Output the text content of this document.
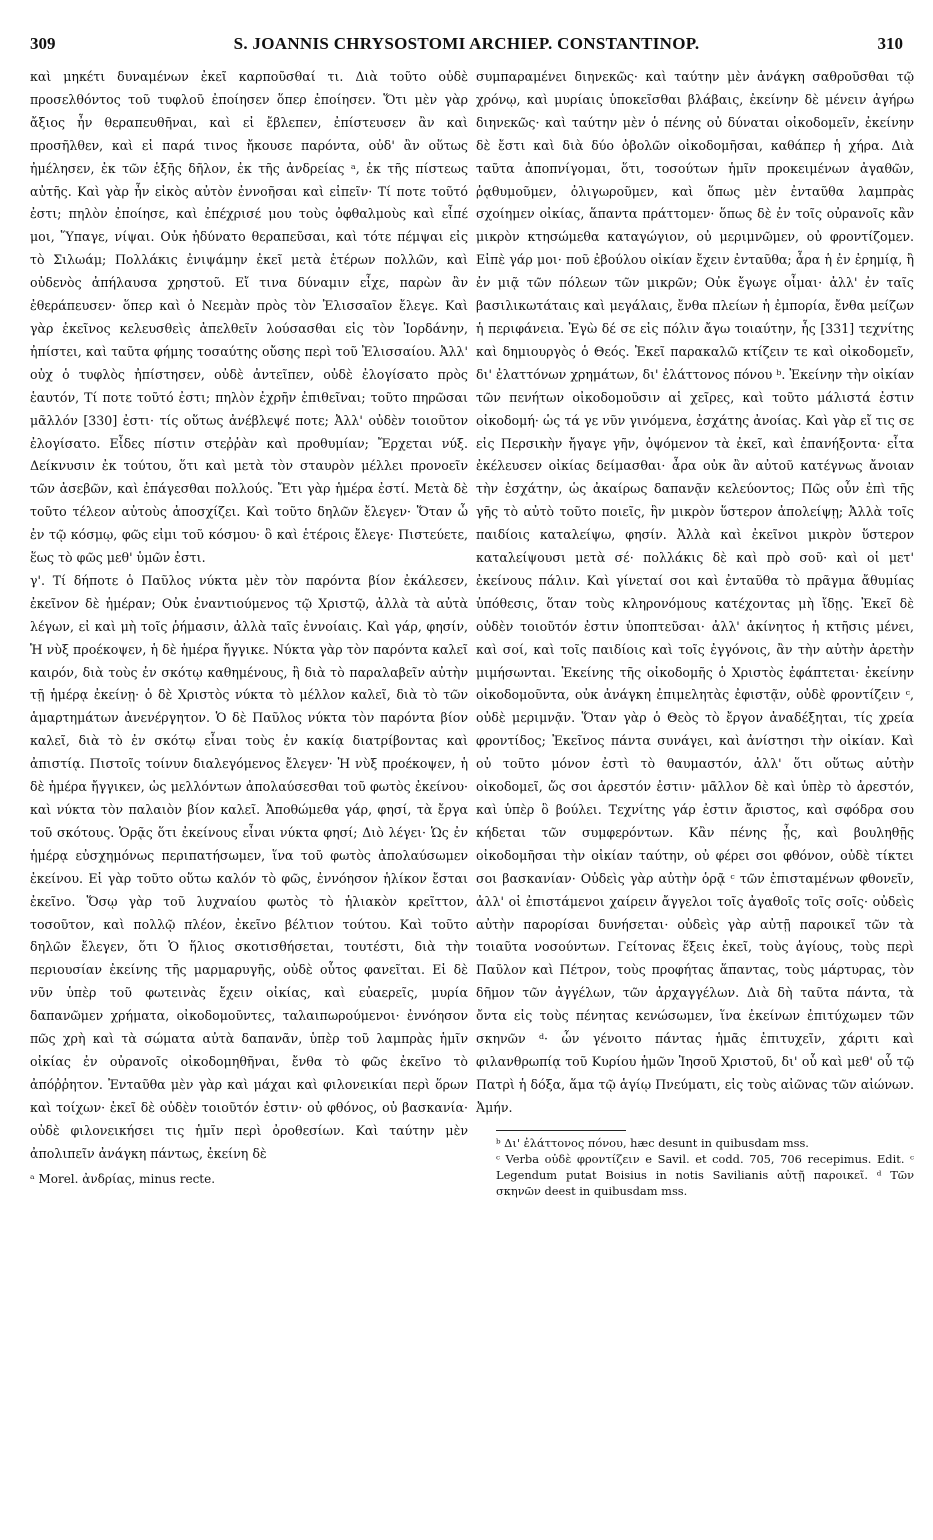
309	S. JOANNIS CHRYSOSTOMI ARCHIEP. CONSTANTINOP.	310

καὶ μηκέτι δυναμένων ἐκεῖ καρποῦσθαί τι. Διὰ τοῦτο οὐδὲ προσελθόντος τοῦ τυφλοῦ ἐποίησεν ὅπερ ἐποίησεν. Ὅτι μὲν γὰρ ἄξιος ἦν θεραπευθῆναι, καὶ εἰ ἔβλεπεν, ἐπίστευσεν ἂν καὶ προσῆλθεν, καὶ εἰ παρά τινος ἤκουσε παρόντα, οὐδ' ἂν οὕτως ἠμέλησεν, ἐκ τῶν ἑξῆς δῆλον, ἐκ τῆς ἀνδρείας ᵃ, ἐκ τῆς πίστεως αὐτῆς. Καὶ γὰρ ἦν εἰκὸς αὐτὸν ἐννοῆσαι καὶ εἰπεῖν· Τί ποτε τοῦτό ἐστι; πηλὸν ἐποίησε, καὶ ἐπέχρισέ μου τοὺς ὀφθαλμοὺς καὶ εἶπέ μοι, Ὕπαγε, νίψαι. Οὐκ ἠδύνατο θεραπεῦσαι, καὶ τότε πέμψαι εἰς τὸ Σιλωάμ; Πολλάκις ἐνιψάμην ἐκεῖ μετὰ ἑτέρων πολλῶν, καὶ οὐδενὸς ἀπήλαυσα χρηστοῦ. Εἴ τινα δύναμιν εἶχε, παρὼν ἂν ἐθεράπευσεν· ὅπερ καὶ ὁ Νεεμὰν πρὸς τὸν Ἐλισσαῖον ἔλεγε. Καὶ γὰρ ἐκεῖνος κελευσθεὶς ἀπελθεῖν λούσασθαι εἰς τὸν Ἰορδάνην, ἠπίστει, καὶ ταῦτα φήμης τοσαύτης οὔσης περὶ τοῦ Ἐλισσαίου. Ἀλλ' οὐχ ὁ τυφλὸς ἠπίστησεν, οὐδὲ ἀντεῖπεν, οὐδὲ ἐλογίσατο πρὸς ἑαυτόν, Τί ποτε τοῦτό ἐστι; πηλὸν ἐχρῆν ἐπιθεῖναι; τοῦτο πηρῶσαι μᾶλλόν [330] ἐστι· τίς οὕτως ἀνέβλεψέ ποτε; Ἀλλ' οὐδὲν τοιοῦτον ἐλογίσατο. Εἶδες πίστιν στεῤῥὰν καὶ προθυμίαν; Ἔρχεται νύξ. Δείκνυσιν ἐκ τούτου, ὅτι καὶ μετὰ τὸν σταυρὸν μέλλει προνοεῖν τῶν ἀσεβῶν, καὶ ἐπάγεσθαι πολλούς. Ἔτι γὰρ ἡμέρα ἐστί. Μετὰ δὲ τοῦτο τέλεον αὐτοὺς ἀποσχίζει. Καὶ τοῦτο δηλῶν ἔλεγεν· Ὅταν ὦ ἐν τῷ κόσμῳ, φῶς εἰμι τοῦ κόσμου· ὃ καὶ ἑτέροις ἔλεγε· Πιστεύετε, ἕως τὸ φῶς μεθ' ὑμῶν ἐστι.

γ'. Τί δήποτε ὁ Παῦλος νύκτα μὲν τὸν παρόντα βίον ἐκάλεσεν, ἐκεῖνον δὲ ἡμέραν; Οὐκ ἐναντιούμενος τῷ Χριστῷ, ἀλλὰ τὰ αὐτὰ λέγων, εἰ καὶ μὴ τοῖς ῥήμασιν, ἀλλὰ ταῖς ἐννοίαις. Καὶ γάρ, φησίν, Ἡ νὺξ προέκοψεν, ἡ δὲ ἡμέρα ἤγγικε. Νύκτα γὰρ τὸν παρόντα καλεῖ καιρόν, διὰ τοὺς ἐν σκότῳ καθημένους, ἢ διὰ τὸ παραλαβεῖν αὐτὴν τῇ ἡμέρᾳ ἐκείνῃ· ὁ δὲ Χριστὸς νύκτα τὸ μέλλον καλεῖ, διὰ τὸ τῶν ἁμαρτημάτων ἀνενέργητον. Ὁ δὲ Παῦλος νύκτα τὸν παρόντα βίον καλεῖ, διὰ τὸ ἐν σκότῳ εἶναι τοὺς ἐν κακίᾳ διατρίβοντας καὶ ἀπιστίᾳ. Πιστοῖς τοίνυν διαλεγόμενος ἔλεγεν· Ἡ νὺξ προέκοψεν, ἡ δὲ ἡμέρα ἤγγικεν, ὡς μελλόντων ἀπολαύσεσθαι τοῦ φωτὸς ἐκείνου· καὶ νύκτα τὸν παλαιὸν βίον καλεῖ. Ἀποθώμεθα γάρ, φησί, τὰ ἔργα τοῦ σκότους. Ὁρᾷς ὅτι ἐκείνους εἶναι νύκτα φησί; Διὸ λέγει· Ὡς ἐν ἡμέρᾳ εὐσχημόνως περιπατήσωμεν, ἵνα τοῦ φωτὸς ἀπολαύσωμεν ἐκείνου. Εἰ γὰρ τοῦτο οὕτω καλόν τὸ φῶς, ἐννόησον ἡλίκον ἔσται ἐκεῖνο. Ὅσῳ γὰρ τοῦ λυχναίου φωτὸς τὸ ἡλιακὸν κρεῖττον, τοσοῦτον, καὶ πολλῷ πλέον, ἐκεῖνο βέλτιον τούτου. Καὶ τοῦτο δηλῶν ἔλεγεν, ὅτι Ὁ ἥλιος σκοτισθήσεται, τουτέστι, διὰ τὴν περιουσίαν ἐκείνης τῆς μαρμαρυγῆς, οὐδὲ οὗτος φανεῖται. Εἰ δὲ νῦν ὑπὲρ τοῦ φωτεινὰς ἔχειν οἰκίας, καὶ εὐαερεῖς, μυρία δαπανῶμεν χρήματα, οἰκοδομοῦντες, ταλαιπωρούμενοι· ἐννόησον πῶς χρὴ καὶ τὰ σώματα αὐτὰ δαπανᾶν, ὑπὲρ τοῦ λαμπρὰς ἡμῖν οἰκίας ἐν οὐρανοῖς οἰκοδομηθῆναι, ἔνθα τὸ φῶς ἐκεῖνο τὸ ἀπόῤῥητον. Ἐνταῦθα μὲν γὰρ καὶ μάχαι καὶ φιλονεικίαι περὶ ὅρων καὶ τοίχων· ἐκεῖ δὲ οὐδὲν τοιοῦτόν ἐστιν· οὐ φθόνος, οὐ βασκανία· οὐδὲ φιλονεικήσει τις ἡμῖν περὶ ὀροθεσίων. Καὶ ταύτην μὲν ἀπολιπεῖν ἀνάγκη πάντως, ἐκείνη δὲ

ᵃ Morel. ἀνδρίας, minus recte.

συμπαραμένει διηνεκῶς· καὶ ταύτην μὲν ἀνάγκη σαθροῦσθαι τῷ χρόνῳ, καὶ μυρίαις ὑποκεῖσθαι βλάβαις, ἐκείνην δὲ μένειν ἀγήρω διηνεκῶς· καὶ ταύτην μὲν ὁ πένης οὐ δύναται οἰκοδομεῖν, ἐκείνην δὲ ἔστι καὶ διὰ δύο ὀβολῶν οἰκοδομῆσαι, καθάπερ ἡ χήρα. Διὰ ταῦτα ἀποπνίγομαι, ὅτι, τοσούτων ἡμῖν προκειμένων ἀγαθῶν, ῥᾳθυμοῦμεν, ὀλιγωροῦμεν, καὶ ὅπως μὲν ἐνταῦθα λαμπρὰς σχοίημεν οἰκίας, ἅπαντα πράττομεν· ὅπως δὲ ἐν τοῖς οὐρανοῖς κἂν μικρὸν κτησώμεθα καταγώγιον, οὐ μεριμνῶμεν, οὐ φροντίζομεν. Εἰπὲ γάρ μοι· ποῦ ἐβούλου οἰκίαν ἔχειν ἐνταῦθα; ἆρα ἡ ἐν ἐρημίᾳ, ἢ ἐν μιᾷ τῶν πόλεων τῶν μικρῶν; Οὐκ ἔγωγε οἶμαι· ἀλλ' ἐν ταῖς βασιλικωτάταις καὶ μεγάλαις, ἔνθα πλείων ἡ ἐμπορία, ἔνθα μείζων ἡ περιφάνεια. Ἐγὼ δέ σε εἰς πόλιν ἄγω τοιαύτην, ἧς [331] τεχνίτης καὶ δημιουργὸς ὁ Θεός. Ἐκεῖ παρακαλῶ κτίζειν τε καὶ οἰκοδομεῖν, δι' ἐλαττόνων χρημάτων, δι' ἐλάττονος πόνου ᵇ. Ἐκείνην τὴν οἰκίαν τῶν πενήτων οἰκοδομοῦσιν αἱ χεῖρες, καὶ τοῦτο μάλιστά ἐστιν οἰκοδομή· ὡς τά γε νῦν γινόμενα, ἐσχάτης ἀνοίας. Καὶ γὰρ εἴ τις σε εἰς Περσικὴν ἤγαγε γῆν, ὀψόμενον τὰ ἐκεῖ, καὶ ἐπανήξοντα· εἶτα ἐκέλευσεν οἰκίας δείμασθαι· ἆρα οὐκ ἂν αὐτοῦ κατέγνως ἄνοιαν τὴν ἐσχάτην, ὡς ἀκαίρως δαπανᾷν κελεύοντος; Πῶς οὖν ἐπὶ τῆς γῆς τὸ αὐτὸ τοῦτο ποιεῖς, ἣν μικρὸν ὕστερον ἀπολείψῃ; Ἀλλὰ τοῖς παιδίοις καταλείψω, φησίν. Ἀλλὰ καὶ ἐκεῖνοι μικρὸν ὕστερον καταλείψουσι μετὰ σέ· πολλάκις δὲ καὶ πρὸ σοῦ· καὶ οἱ μετ' ἐκείνους πάλιν. Καὶ γίνεταί σοι καὶ ἐνταῦθα τὸ πρᾶγμα ἄθυμίας ὑπόθεσις, ὅταν τοὺς κληρονόμους κατέχοντας μὴ ἴδῃς. Ἐκεῖ δὲ οὐδὲν τοιοῦτόν ἐστιν ὑποπτεῦσαι· ἀλλ' ἀκίνητος ἡ κτῆσις μένει, καὶ σοί, καὶ τοῖς παιδίοις καὶ τοῖς ἐγγόνοις, ἂν τὴν αὐτὴν ἀρετὴν μιμήσωνται. Ἐκείνης τῆς οἰκοδομῆς ὁ Χριστὸς ἐφάπτεται· ἐκείνην οἰκοδομοῦντα, οὐκ ἀνάγκη ἐπιμελητὰς ἐφιστᾷν, οὐδὲ φροντίζειν ᶜ, οὐδὲ μεριμνᾷν. Ὅταν γὰρ ὁ Θεὸς τὸ ἔργον ἀναδέξηται, τίς χρεία φροντίδος; Ἐκεῖνος πάντα συνάγει, καὶ ἀνίστησι τὴν οἰκίαν. Καὶ οὐ τοῦτο μόνον ἐστὶ τὸ θαυμαστόν, ἀλλ' ὅτι οὕτως αὐτὴν οἰκοδομεῖ, ὥς σοι ἀρεστόν ἐστιν· μᾶλλον δὲ καὶ ὑπὲρ τὸ ἀρεστόν, καὶ ὑπὲρ ὃ βούλει. Τεχνίτης γάρ ἐστιν ἄριστος, καὶ σφόδρα σου κήδεται τῶν συμφερόντων. Κἂν πένης ᾖς, καὶ βουληθῇς οἰκοδομῆσαι τὴν οἰκίαν ταύτην, οὐ φέρει σοι φθόνον, οὐδὲ τίκτει σοι βασκανίαν· Οὐδεὶς γὰρ αὐτὴν ὁρᾷ ᶜ τῶν ἐπισταμένων φθονεῖν, ἀλλ' οἱ ἐπιστάμενοι χαίρειν ἄγγελοι τοῖς ἀγαθοῖς τοῖς σοῖς· οὐδεὶς αὐτὴν παρορίσαι δυνήσεται· οὐδεὶς γὰρ αὐτῇ παροικεῖ τῶν τὰ τοιαῦτα νοσούντων. Γείτονας ἕξεις ἐκεῖ, τοὺς ἁγίους, τοὺς περὶ Παῦλον καὶ Πέτρον, τοὺς προφήτας ἅπαντας, τοὺς μάρτυρας, τὸν δῆμον τῶν ἀγγέλων, τῶν ἀρχαγγέλων. Διὰ δὴ ταῦτα πάντα, τὰ ὄντα εἰς τοὺς πένητας κενώσωμεν, ἵνα ἐκείνων ἐπιτύχωμεν τῶν σκηνῶν ᵈ· ὧν γένοιτο πάντας ἡμᾶς ἐπιτυχεῖν, χάριτι καὶ φιλανθρωπίᾳ τοῦ Κυρίου ἡμῶν Ἰησοῦ Χριστοῦ, δι' οὗ καὶ μεθ' οὗ τῷ Πατρὶ ἡ δόξα, ἅμα τῷ ἁγίῳ Πνεύματι, εἰς τοὺς αἰῶνας τῶν αἰώνων. Ἀμήν.

ᵇ Δι' ἐλάττονος πόνου, hæc desunt in quibusdam mss.

ᶜ Verba οὐδὲ φροντίζειν e Savil. et codd. 705, 706 recepimus. Edit. ᶜ Legendum putat Boisius in notis Savilianis αὐτῇ παροικεῖ. ᵈ Τῶν σκηνῶν deest in quibusdam mss.
